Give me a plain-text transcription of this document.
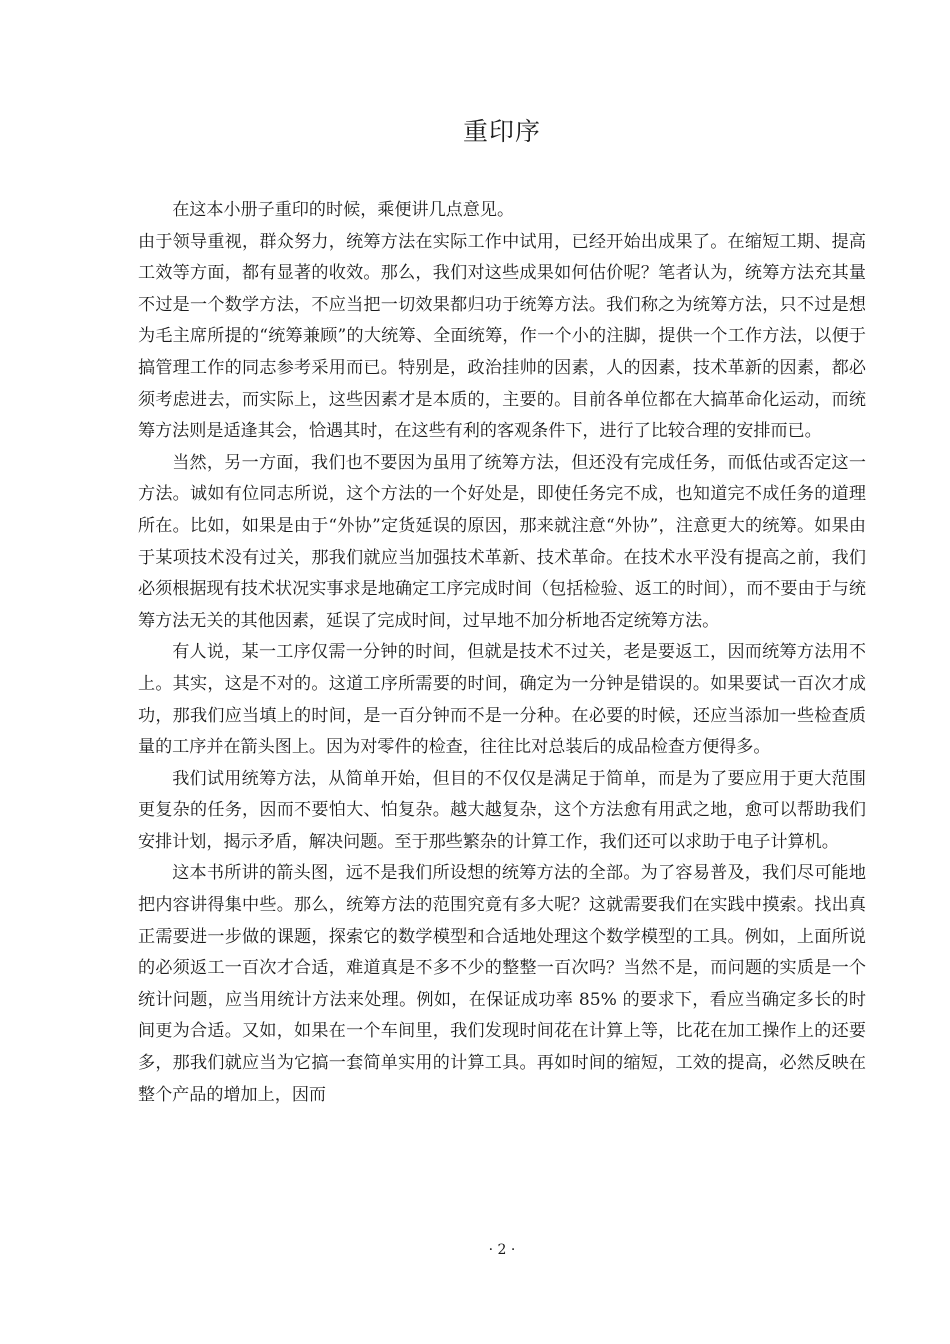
重印序

在这本小册子重印的时候，乘便讲几点意见。

由于领导重视，群众努力，统筹方法在实际工作中试用，已经开始出成果了。在缩短工期、提高工效等方面，都有显著的收效。那么，我们对这些成果如何估价呢？笔者认为，统筹方法充其量不过是一个数学方法，不应当把一切效果都归功于统筹方法。我们称之为统筹方法，只不过是想为毛主席所提的“统筹兼顾”的大统筹、全面统筹，作一个小的注脚，提供一个工作方法，以便于搞管理工作的同志参考采用而已。特别是，政治挂帅的因素，人的因素，技术革新的因素，都必须考虑进去，而实际上，这些因素才是本质的，主要的。目前各单位都在大搞革命化运动，而统筹方法则是适逢其会，恰遇其时，在这些有利的客观条件下，进行了比较合理的安排而已。

当然，另一方面，我们也不要因为虽用了统筹方法，但还没有完成任务，而低估或否定这一方法。诚如有位同志所说，这个方法的一个好处是，即使任务完不成，也知道完不成任务的道理所在。比如，如果是由于“外协”定货延误的原因，那来就注意“外协”，注意更大的统筹。如果由于某项技术没有过关，那我们就应当加强技术革新、技术革命。在技术水平没有提高之前，我们必须根据现有技术状况实事求是地确定工序完成时间（包括检验、返工的时间），而不要由于与统筹方法无关的其他因素，延误了完成时间，过早地不加分析地否定统筹方法。

有人说，某一工序仅需一分钟的时间，但就是技术不过关，老是要返工，因而统筹方法用不上。其实，这是不对的。这道工序所需要的时间，确定为一分钟是错误的。如果要试一百次才成功，那我们应当填上的时间，是一百分钟而不是一分种。在必要的时候，还应当添加一些检查质量的工序并在箭头图上。因为对零件的检查，往往比对总装后的成品检查方便得多。

我们试用统筹方法，从简单开始，但目的不仅仅是满足于简单，而是为了要应用于更大范围更复杂的任务，因而不要怕大、怕复杂。越大越复杂，这个方法愈有用武之地，愈可以帮助我们安排计划，揭示矛盾，解决问题。至于那些繁杂的计算工作，我们还可以求助于电子计算机。

这本书所讲的箭头图，远不是我们所设想的统筹方法的全部。为了容易普及，我们尽可能地把内容讲得集中些。那么，统筹方法的范围究竟有多大呢？这就需要我们在实践中摸索。找出真正需要进一步做的课题，探索它的数学模型和合适地处理这个数学模型的工具。例如，上面所说的必须返工一百次才合适，难道真是不多不少的整整一百次吗？当然不是，而问题的实质是一个统计问题，应当用统计方法来处理。例如，在保证成功率 85% 的要求下，看应当确定多长的时间更为合适。又如，如果在一个车间里，我们发现时间花在计算上等，比花在加工操作上的还要多，那我们就应当为它搞一套简单实用的计算工具。再如时间的缩短，工效的提高，必然反映在整个产品的增加上，因而

· 2 ·
